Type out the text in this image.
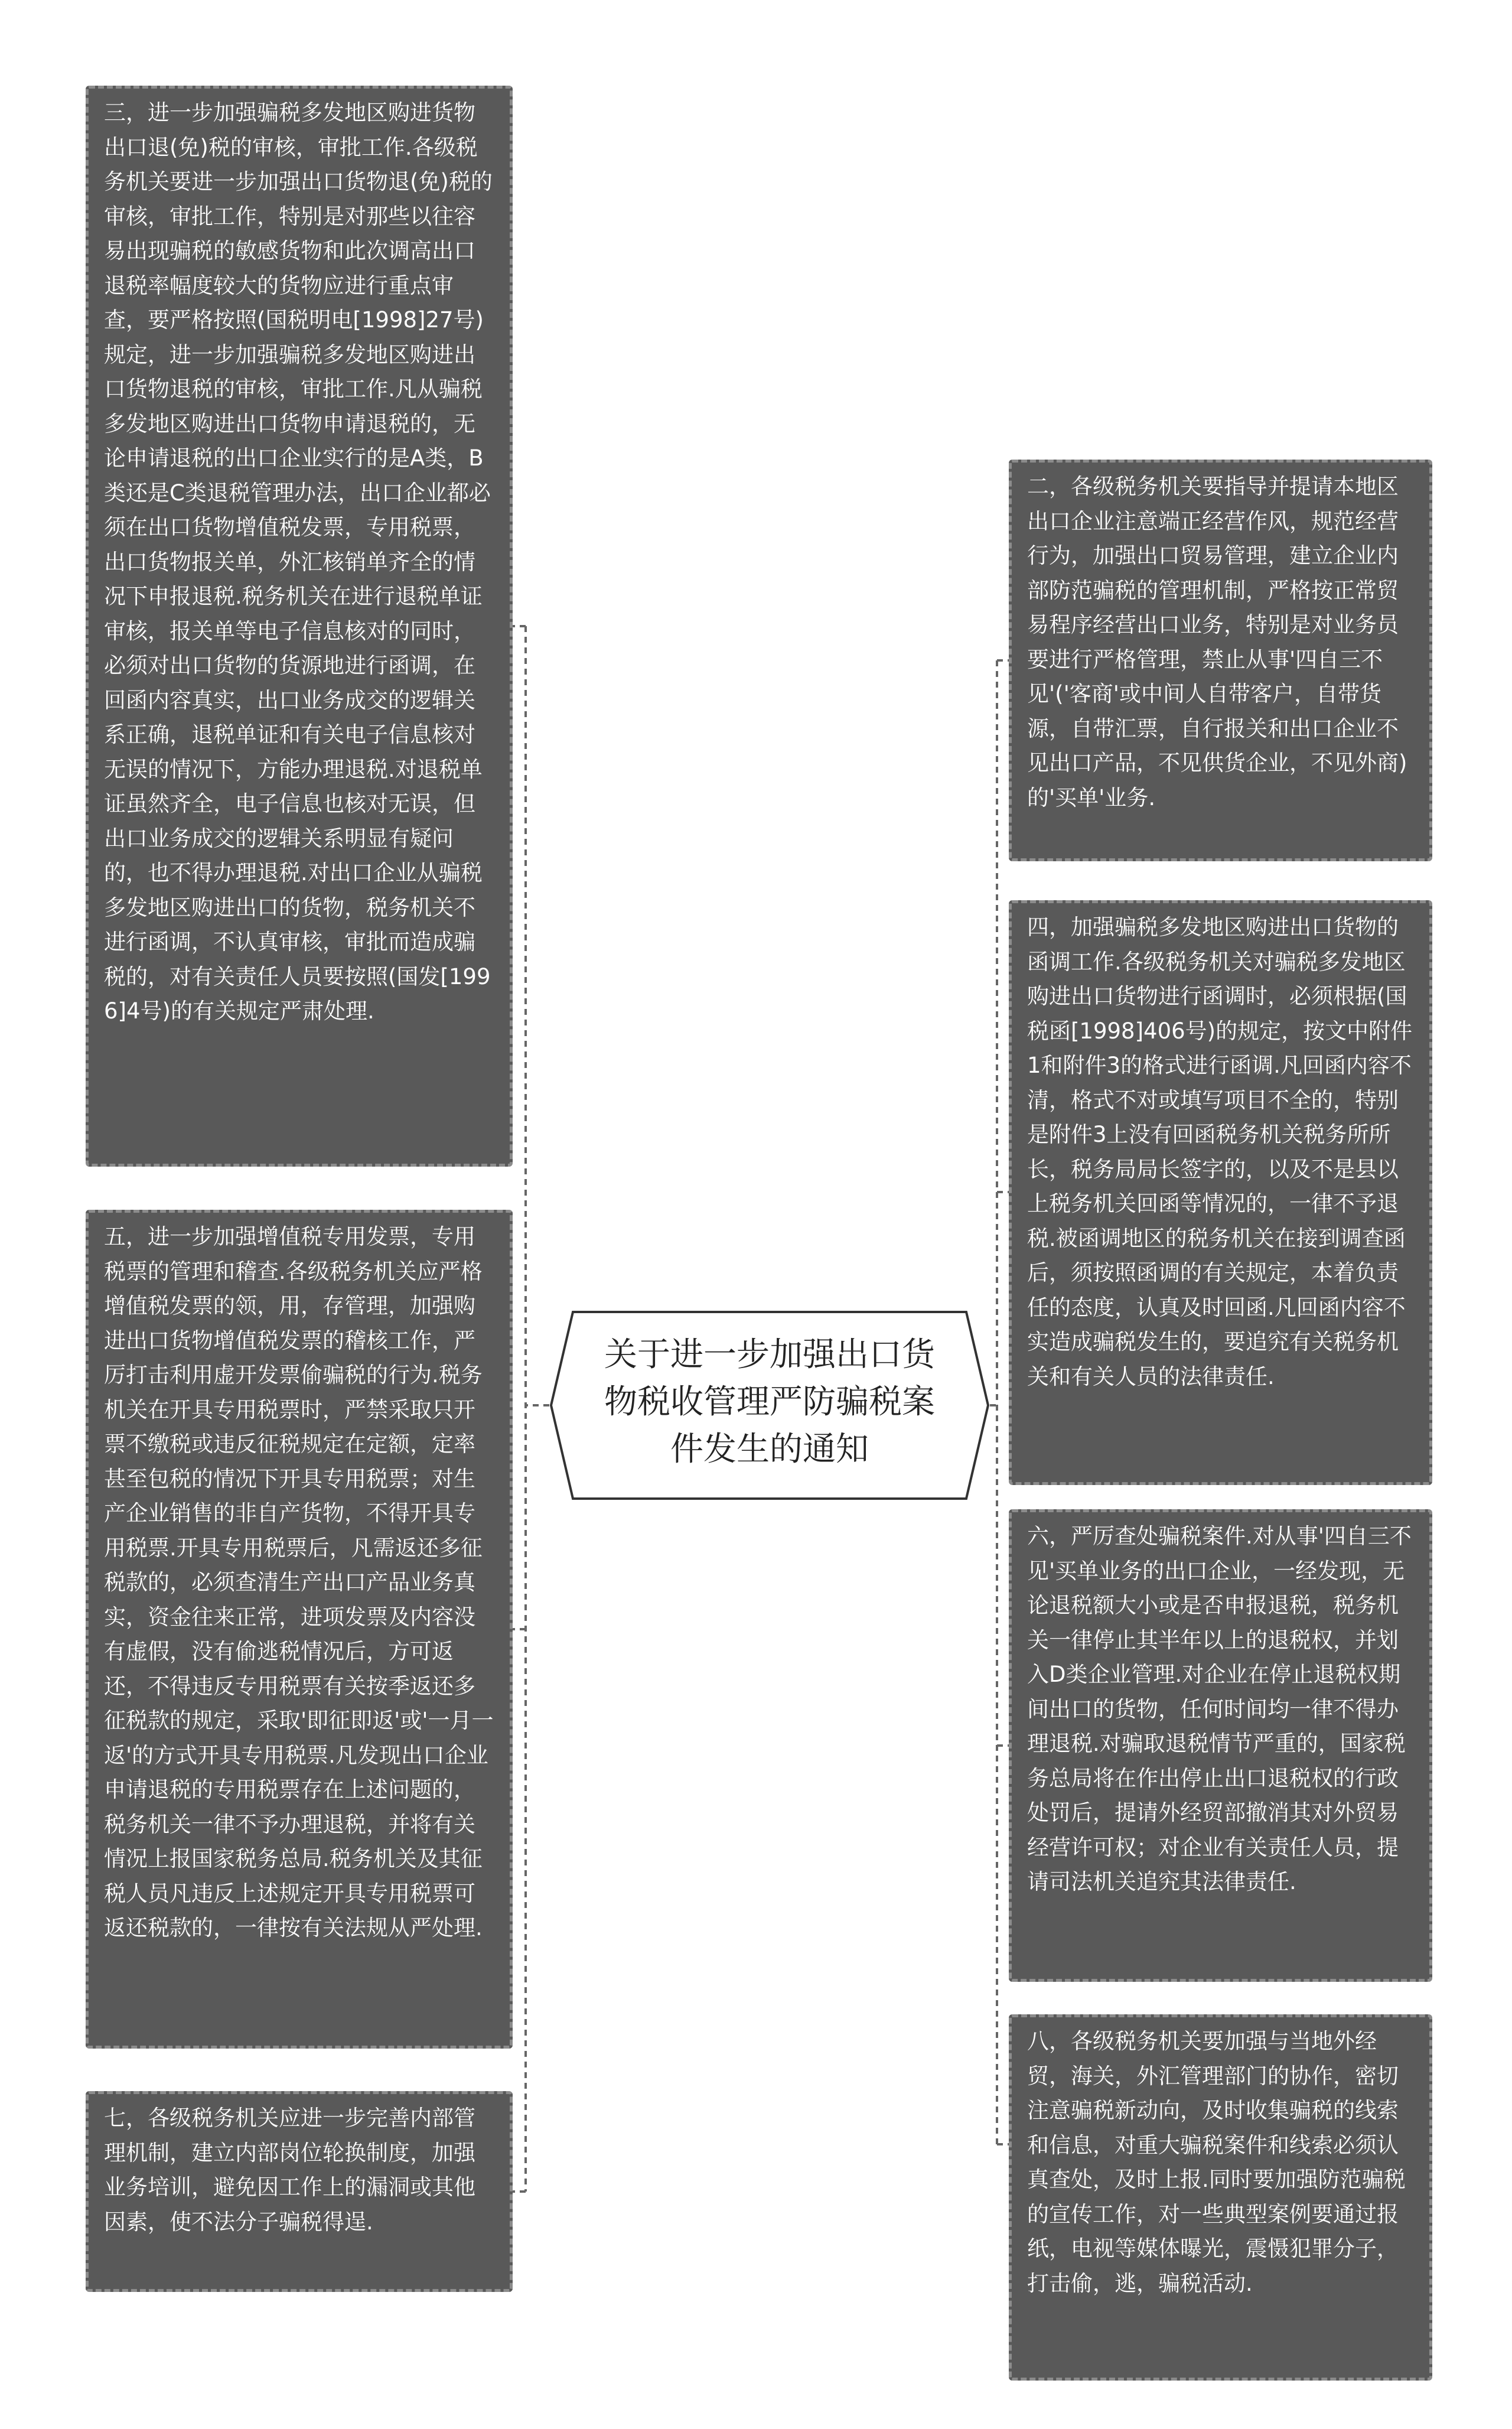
三，进一步加强骗税多发地区购进货物出口退(免)税的审核，审批工作.各级税务机关要进一步加强出口货物退(免)税的审核，审批工作，特别是对那些以往容易出现骗税的敏感货物和此次调高出口退税率幅度较大的货物应进行重点审查，要严格按照(国税明电[1998]27号)规定，进一步加强骗税多发地区购进出口货物退税的审核，审批工作.凡从骗税多发地区购进出口货物申请退税的，无论申请退税的出口企业实行的是A类，B类还是C类退税管理办法，出口企业都必须在出口货物增值税发票，专用税票，出口货物报关单，外汇核销单齐全的情况下申报退税.税务机关在进行退税单证审核，报关单等电子信息核对的同时，必须对出口货物的货源地进行函调，在回函内容真实，出口业务成交的逻辑关系正确，退税单证和有关电子信息核对无误的情况下，方能办理退税.对退税单证虽然齐全，电子信息也核对无误，但出口业务成交的逻辑关系明显有疑问的，也不得办理退税.对出口企业从骗税多发地区购进出口的货物，税务机关不进行函调，不认真审核，审批而造成骗税的，对有关责任人员要按照(国发[1996]4号)的有关规定严肃处理.
五，进一步加强增值税专用发票，专用税票的管理和稽查.各级税务机关应严格增值税发票的领，用，存管理，加强购进出口货物增值税发票的稽核工作，严厉打击利用虚开发票偷骗税的行为.税务机关在开具专用税票时，严禁采取只开票不缴税或违反征税规定在定额，定率甚至包税的情况下开具专用税票；对生产企业销售的非自产货物，不得开具专用税票.开具专用税票后，凡需返还多征税款的，必须查清生产出口产品业务真实，资金往来正常，进项发票及内容没有虚假，没有偷逃税情况后，方可返还，不得违反专用税票有关按季返还多征税款的规定，采取'即征即返'或'一月一返'的方式开具专用税票.凡发现出口企业申请退税的专用税票存在上述问题的，税务机关一律不予办理退税，并将有关情况上报国家税务总局.税务机关及其征税人员凡违反上述规定开具专用税票可返还税款的，一律按有关法规从严处理.
七，各级税务机关应进一步完善内部管理机制，建立内部岗位轮换制度，加强业务培训，避免因工作上的漏洞或其他因素，使不法分子骗税得逞.
关于进一步加强出口货物税收管理严防骗税案件发生的通知
二，各级税务机关要指导并提请本地区出口企业注意端正经营作风，规范经营行为，加强出口贸易管理，建立企业内部防范骗税的管理机制，严格按正常贸易程序经营出口业务，特别是对业务员要进行严格管理，禁止从事'四自三不见'('客商'或中间人自带客户，自带货源，自带汇票，自行报关和出口企业不见出口产品，不见供货企业，不见外商)的'买单'业务.
四，加强骗税多发地区购进出口货物的函调工作.各级税务机关对骗税多发地区购进出口货物进行函调时，必须根据(国税函[1998]406号)的规定，按文中附件1和附件3的格式进行函调.凡回函内容不清，格式不对或填写项目不全的，特别是附件3上没有回函税务机关税务所所长，税务局局长签字的，以及不是县以上税务机关回函等情况的，一律不予退税.被函调地区的税务机关在接到调查函后，须按照函调的有关规定，本着负责任的态度，认真及时回函.凡回函内容不实造成骗税发生的，要追究有关税务机关和有关人员的法律责任.
六，严厉查处骗税案件.对从事'四自三不见'买单业务的出口企业，一经发现，无论退税额大小或是否申报退税，税务机关一律停止其半年以上的退税权，并划入D类企业管理.对企业在停止退税权期间出口的货物，任何时间均一律不得办理退税.对骗取退税情节严重的，国家税务总局将在作出停止出口退税权的行政处罚后，提请外经贸部撤消其对外贸易经营许可权；对企业有关责任人员，提请司法机关追究其法律责任.
八，各级税务机关要加强与当地外经贸，海关，外汇管理部门的协作，密切注意骗税新动向，及时收集骗税的线索和信息，对重大骗税案件和线索必须认真查处，及时上报.同时要加强防范骗税的宣传工作，对一些典型案例要通过报纸，电视等媒体曝光，震慑犯罪分子，打击偷，逃，骗税活动.
